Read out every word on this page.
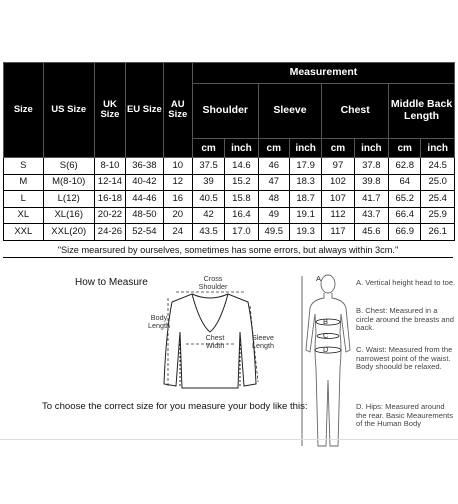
Size	US Size	UK Size	EU Size	AU Size	Measurement							
					Shoulder		Sleeve		Chest		Middle Back Length	
					cm	inch	cm	inch	cm	inch	cm	inch
S	S(6)	8-10	36-38	10	37.5	14.6	46	17.9	97	37.8	62.8	24.5
M	M(8-10)	12-14	40-42	12	39	15.2	47	18.3	102	39.8	64	25.0
L	L(12)	16-18	44-46	16	40.5	15.8	48	18.7	107	41.7	65.2	25.4
XL	XL(16)	20-22	48-50	20	42	16.4	49	19.1	112	43.7	66.4	25.9
XXL	XXL(20)	24-26	52-54	24	43.5	17.0	49.5	19.3	117	45.6	66.9	26.1
"Size mearsured by ourselves, sometimes has some errors, but always within 3cm."
How to Measure	Cross Shoulder
Body Length
Chest Width
Sleeve Length
To choose the correct size for you measure your body like this:
A
B
C
D
A. Vertical height head to toe.
B. Chest: Measured in a circle around the breasts and back.
C. Waist: Measured from the narrowest point of the waist. Body shoould be relaxed.
D. Hips: Measured around the rear. Basic Meaurements of the Human Body
